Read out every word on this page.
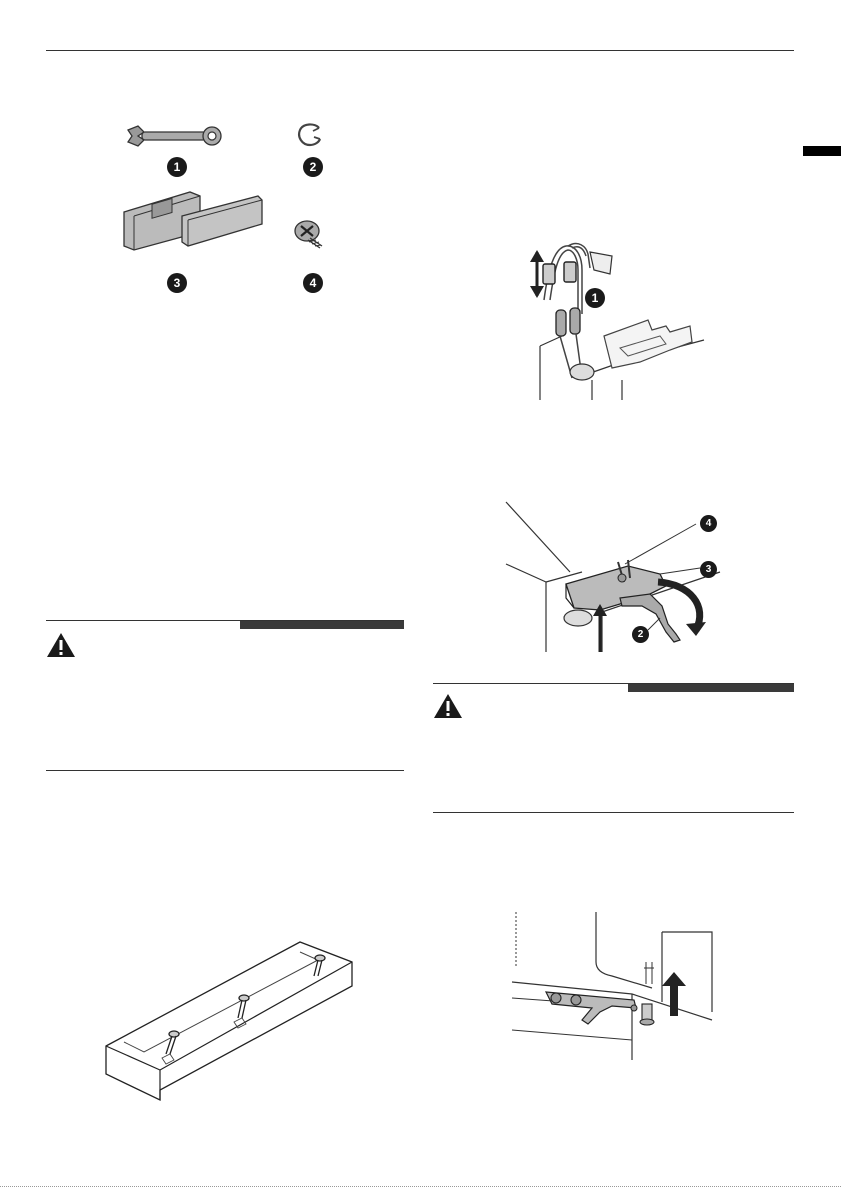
1	2
3	4
1
4
3
2
